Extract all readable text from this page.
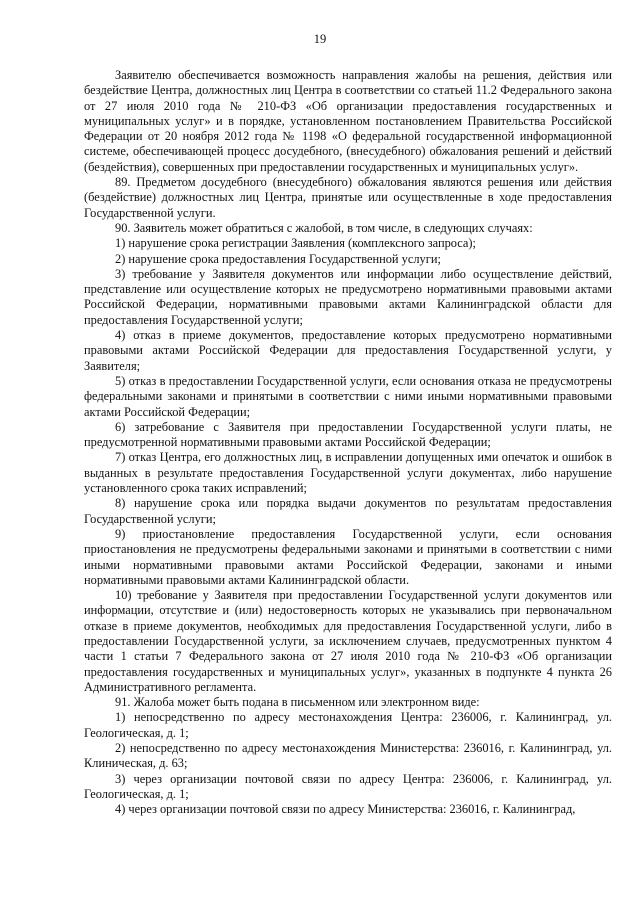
19

Заявителю обеспечивается возможность направления жалобы на решения, действия или бездействие Центра, должностных лиц Центра в соответствии со статьей 11.2 Федерального закона от 27 июля 2010 года № 210-ФЗ «Об организации предоставления государственных и муниципальных услуг» и в порядке, установленном постановлением Правительства Российской Федерации от 20 ноября 2012 года № 1198 «О федеральной государственной информационной системе, обеспечивающей процесс досудебного, (внесудебного) обжалования решений и действий (бездействия), совершенных при предоставлении государственных и муниципальных услуг».

89. Предметом досудебного (внесудебного) обжалования являются решения или действия (бездействие) должностных лиц Центра, принятые или осуществленные в ходе предоставления Государственной услуги.

90. Заявитель может обратиться с жалобой, в том числе, в следующих случаях:

1) нарушение срока регистрации Заявления (комплексного запроса);

2) нарушение срока предоставления Государственной услуги;

3) требование у Заявителя документов или информации либо осуществление действий, представление или осуществление которых не предусмотрено нормативными правовыми актами Российской Федерации, нормативными правовыми актами Калининградской области для предоставления Государственной услуги;

4) отказ в приеме документов, предоставление которых предусмотрено нормативными правовыми актами Российской Федерации для предоставления Государственной услуги, у Заявителя;

5) отказ в предоставлении Государственной услуги, если основания отказа не предусмотрены федеральными законами и принятыми в соответствии с ними иными нормативными правовыми актами Российской Федерации;

6) затребование с Заявителя при предоставлении Государственной услуги платы, не предусмотренной нормативными правовыми актами Российской Федерации;

7) отказ Центра, его должностных лиц, в исправлении допущенных ими опечаток и ошибок в выданных в результате предоставления Государственной услуги документах, либо нарушение установленного срока таких исправлений;

8) нарушение срока или порядка выдачи документов по результатам предоставления Государственной услуги;

9) приостановление предоставления Государственной услуги, если основания приостановления не предусмотрены федеральными законами и принятыми в соответствии с ними иными нормативными правовыми актами Российской Федерации, законами и иными нормативными правовыми актами Калининградской области.

10) требование у Заявителя при предоставлении Государственной услуги документов или информации, отсутствие и (или) недостоверность которых не указывались при первоначальном отказе в приеме документов, необходимых для предоставления Государственной услуги, либо в предоставлении Государственной услуги, за исключением случаев, предусмотренных пунктом 4 части 1 статьи 7 Федерального закона от 27 июля 2010 года № 210-ФЗ «Об организации предоставления государственных и муниципальных услуг», указанных в подпункте 4 пункта 26 Административного регламента.

91. Жалоба может быть подана в письменном или электронном виде:

1) непосредственно по адресу местонахождения Центра: 236006, г. Калининград, ул. Геологическая, д. 1;

2) непосредственно по адресу местонахождения Министерства: 236016, г. Калининград, ул. Клиническая, д. 63;

3) через организации почтовой связи по адресу Центра: 236006, г. Калининград, ул. Геологическая, д. 1;

4) через организации почтовой связи по адресу Министерства: 236016, г. Калининград,
